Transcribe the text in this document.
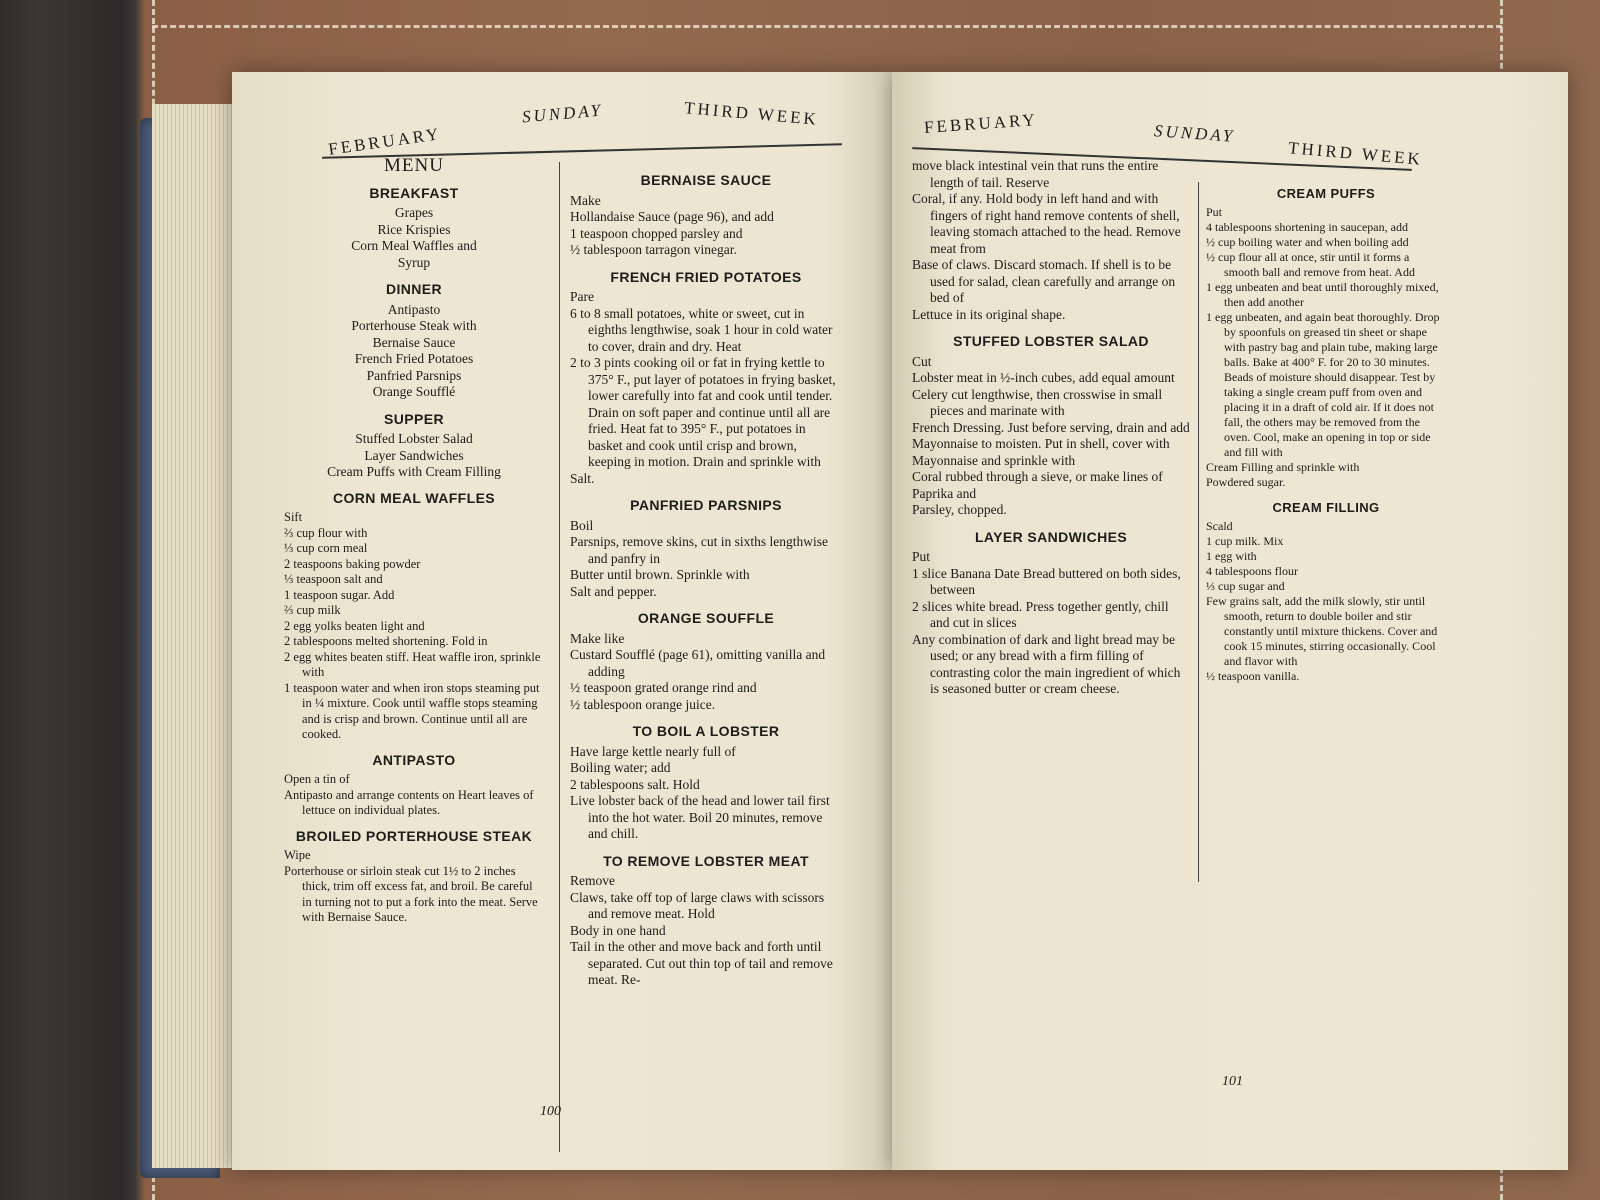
FEBRUARY
SUNDAY	THIRD WEEK
MENU
BREAKFAST

Grapes

Rice Krispies

Corn Meal Waffles and

Syrup

DINNER

Antipasto

Porterhouse Steak with

Bernaise Sauce

French Fried Potatoes

Panfried Parsnips

Orange Soufflé

SUPPER

Stuffed Lobster Salad

Layer Sandwiches

Cream Puffs with Cream Filling

CORN MEAL WAFFLES

Sift

⅔ cup flour with

⅓ cup corn meal

2 teaspoons baking powder

⅓ teaspoon salt and

1 teaspoon sugar. Add

⅔ cup milk

2 egg yolks beaten light and

2 tablespoons melted shortening. Fold in

2 egg whites beaten stiff. Heat waffle iron, sprinkle with

1 teaspoon water and when iron stops steaming put in ¼ mixture. Cook until waffle stops steaming and is crisp and brown. Continue until all are cooked.

ANTIPASTO

Open a tin of

Antipasto and arrange contents on Heart leaves of lettuce on individual plates.

BROILED PORTERHOUSE STEAK

Wipe

Porterhouse or sirloin steak cut 1½ to 2 inches thick, trim off excess fat, and broil. Be careful in turning not to put a fork into the meat. Serve with Bernaise Sauce.

BERNAISE SAUCE

Make

Hollandaise Sauce (page 96), and add

1 teaspoon chopped parsley and

½ tablespoon tarragon vinegar.

FRENCH FRIED POTATOES

Pare

6 to 8 small potatoes, white or sweet, cut in eighths lengthwise, soak 1 hour in cold water to cover, drain and dry. Heat

2 to 3 pints cooking oil or fat in frying kettle to 375° F., put layer of potatoes in frying basket, lower carefully into fat and cook until tender. Drain on soft paper and continue until all are fried. Heat fat to 395° F., put potatoes in basket and cook until crisp and brown, keeping in motion. Drain and sprinkle with

Salt.

PANFRIED PARSNIPS

Boil

Parsnips, remove skins, cut in sixths lengthwise and panfry in

Butter until brown. Sprinkle with

Salt and pepper.

ORANGE SOUFFLE

Make like

Custard Soufflé (page 61), omitting vanilla and adding

½ teaspoon grated orange rind and

½ tablespoon orange juice.

TO BOIL A LOBSTER

Have large kettle nearly full of

Boiling water; add

2 tablespoons salt. Hold

Live lobster back of the head and lower tail first into the hot water. Boil 20 minutes, remove and chill.

TO REMOVE LOBSTER MEAT

Remove

Claws, take off top of large claws with scissors and remove meat. Hold

Body in one hand

Tail in the other and move back and forth until separated. Cut out thin top of tail and remove meat. Re-

100
FEBRUARY	SUNDAY
THIRD WEEK

move black intestinal vein that runs the entire length of tail. Reserve

Coral, if any. Hold body in left hand and with fingers of right hand remove contents of shell, leaving stomach attached to the head. Remove meat from

Base of claws. Discard stomach. If shell is to be used for salad, clean carefully and arrange on bed of

Lettuce in its original shape.

STUFFED LOBSTER SALAD

Cut

Lobster meat in ½-inch cubes, add equal amount

Celery cut lengthwise, then crosswise in small pieces and marinate with

French Dressing. Just before serving, drain and add

Mayonnaise to moisten. Put in shell, cover with

Mayonnaise and sprinkle with

Coral rubbed through a sieve, or make lines of

Paprika and

Parsley, chopped.

LAYER SANDWICHES

Put

1 slice Banana Date Bread buttered on both sides, between

2 slices white bread. Press together gently, chill and cut in slices

Any combination of dark and light bread may be used; or any bread with a firm filling of contrasting color the main ingredient of which is seasoned butter or cream cheese.

CREAM PUFFS

Put

4 tablespoons shortening in saucepan, add

½ cup boiling water and when boiling add

½ cup flour all at once, stir until it forms a smooth ball and remove from heat. Add

1 egg unbeaten and beat until thoroughly mixed, then add another

1 egg unbeaten, and again beat thoroughly. Drop by spoonfuls on greased tin sheet or shape with pastry bag and plain tube, making large balls. Bake at 400° F. for 20 to 30 minutes. Beads of moisture should disappear. Test by taking a single cream puff from oven and placing it in a draft of cold air. If it does not fall, the others may be removed from the oven. Cool, make an opening in top or side and fill with

Cream Filling and sprinkle with

Powdered sugar.

CREAM FILLING

Scald

1 cup milk. Mix

1 egg with

4 tablespoons flour

⅓ cup sugar and

Few grains salt, add the milk slowly, stir until smooth, return to double boiler and stir constantly until mixture thickens. Cover and cook 15 minutes, stirring occasionally. Cool and flavor with

½ teaspoon vanilla.

101
